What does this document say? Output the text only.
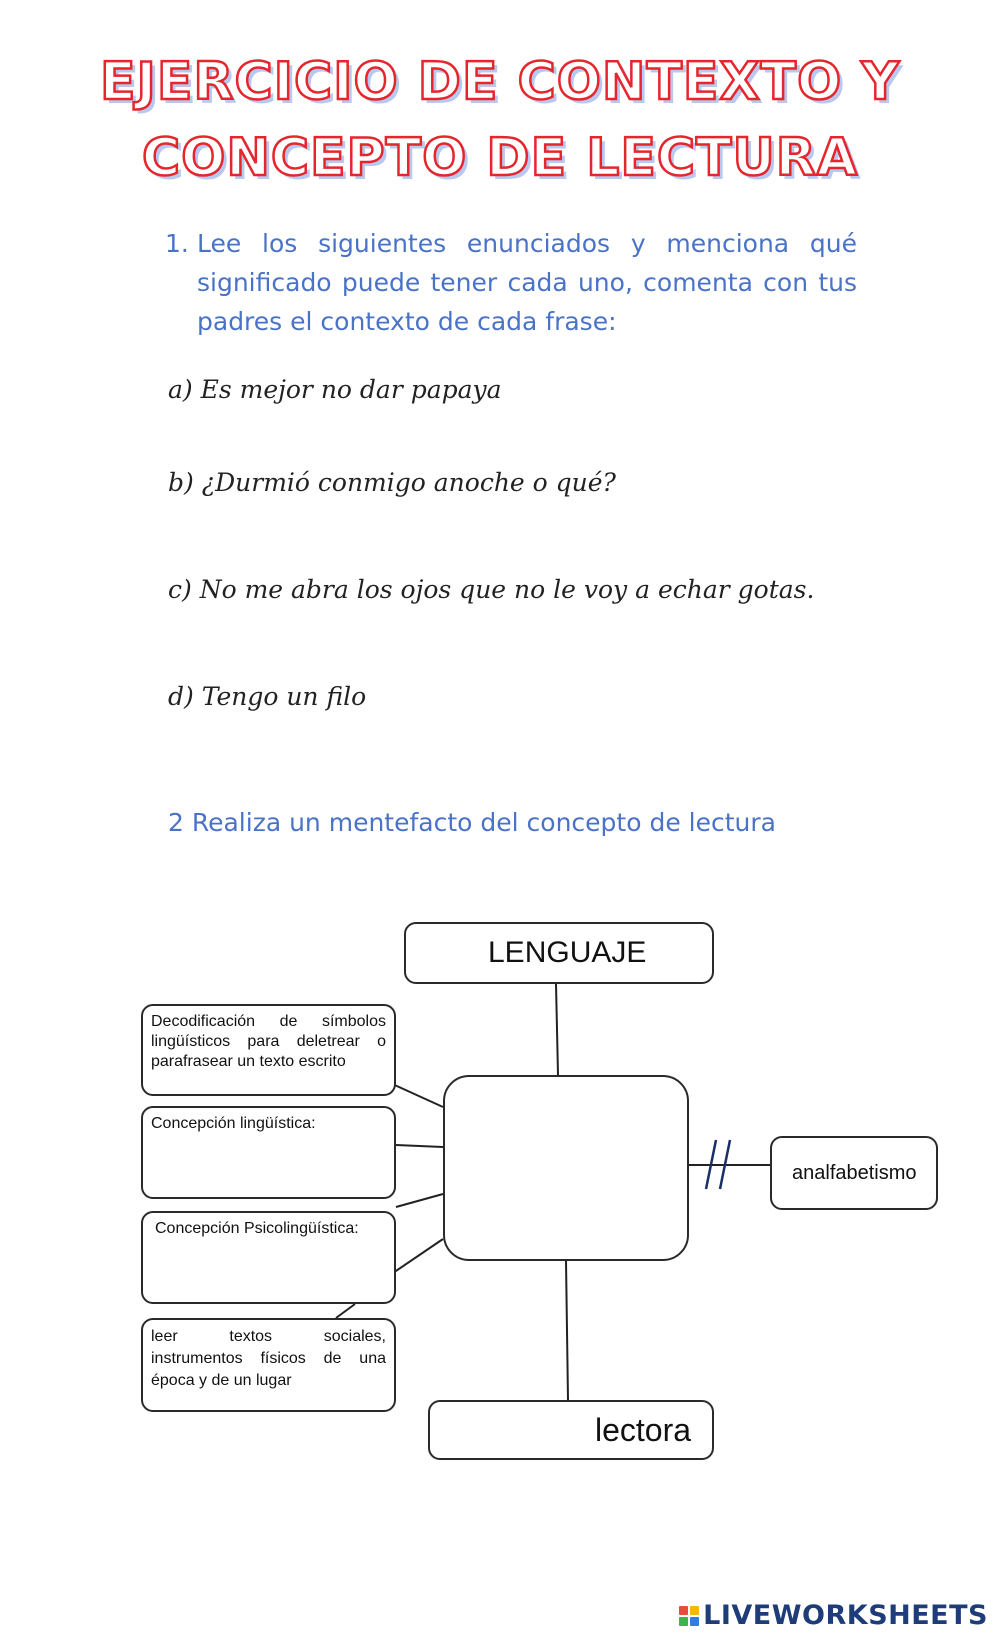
EJERCICIO DE CONTEXTO Y
CONCEPTO DE LECTURA
1. Lee los siguientes enunciados y menciona qué significado puede tener cada uno, comenta con tus padres el contexto de cada frase:
a) Es mejor no dar papaya
b) ¿Durmió conmigo anoche o qué?
c) No me abra los ojos que no le voy a echar gotas.
d) Tengo un filo
2 Realiza un mentefacto del concepto de lectura
LENGUAJE
analfabetismo
lectora
Decodificación de símbolos lingüísticos para deletrear o parafrasear un texto escrito
Concepción lingüística:
Concepción Psicolingüística:
leer textos sociales, instrumentos físicos de una época y de un lugar
LIVEWORKSHEETS
